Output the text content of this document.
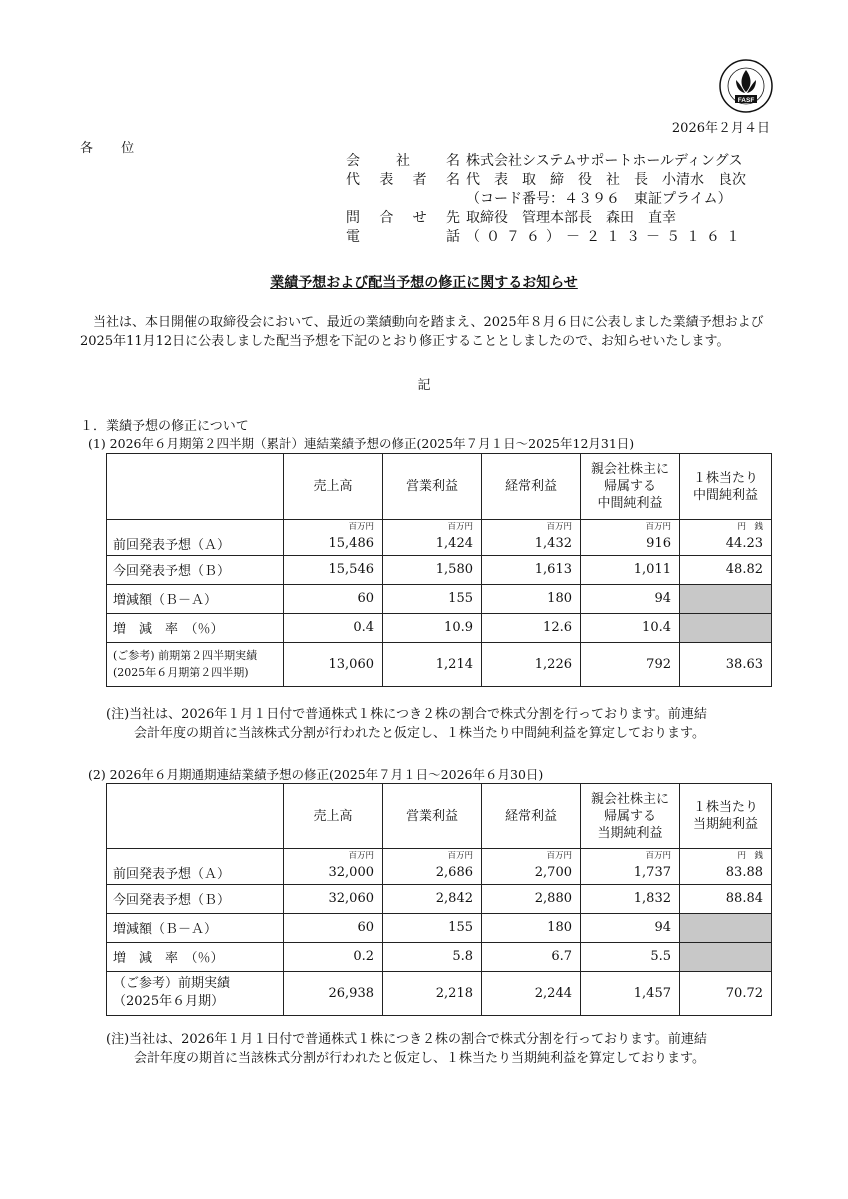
FASF
2026年２月４日
各 位
会　社　名 株式会社システムサポートホールディングス
代表者名 代　表　取　締　役　社　長　小清水　良次
（コード番号：４３９６　東証プライム）
問合せ先 取締役　管理本部長　森田　直幸
電　　話 （０７６）－２１３－５１６１
業績予想および配当予想の修正に関するお知らせ
当社は、本日開催の取締役会において、最近の業績動向を踏まえ、2025年８月６日に公表しました業績予想および2025年11月12日に公表しました配当予想を下記のとおり修正することとしましたので、お知らせいたします。
記
１．業績予想の修正について
(1) 2026年６月期第２四半期（累計）連結業績予想の修正(2025年７月１日～2025年12月31日)
	売上高	営業利益	経常利益	親会社株主に
帰属する
中間純利益	１株当たり
中間純利益
	百万円	百万円	百万円	百万円	円　銭
前回発表予想（Ａ）	15,486	1,424	1,432	916	44.23
今回発表予想（Ｂ）	15,546	1,580	1,613	1,011	48.82
増減額（Ｂ－Ａ）	60	155	180	94	
増　減　率　（％）	0.4	10.9	12.6	10.4	
(ご参考) 前期第２四半期実績
(2025年６月期第２四半期)	13,060	1,214	1,226	792	38.63
(注)当社は、2026年１月１日付で普通株式１株につき２株の割合で株式分割を行っております。前連結
会計年度の期首に当該株式分割が行われたと仮定し、１株当たり中間純利益を算定しております。
(2) 2026年６月期通期連結業績予想の修正(2025年７月１日～2026年６月30日)
	売上高	営業利益	経常利益	親会社株主に
帰属する
当期純利益	１株当たり
当期純利益
	百万円	百万円	百万円	百万円	円　銭
前回発表予想（Ａ）	32,000	2,686	2,700	1,737	83.88
今回発表予想（Ｂ）	32,060	2,842	2,880	1,832	88.84
増減額（Ｂ－Ａ）	60	155	180	94	
増　減　率　（％）	0.2	5.8	6.7	5.5	
（ご参考）前期実績
（2025年６月期）	26,938	2,218	2,244	1,457	70.72
(注)当社は、2026年１月１日付で普通株式１株につき２株の割合で株式分割を行っております。前連結
会計年度の期首に当該株式分割が行われたと仮定し、１株当たり当期純利益を算定しております。
